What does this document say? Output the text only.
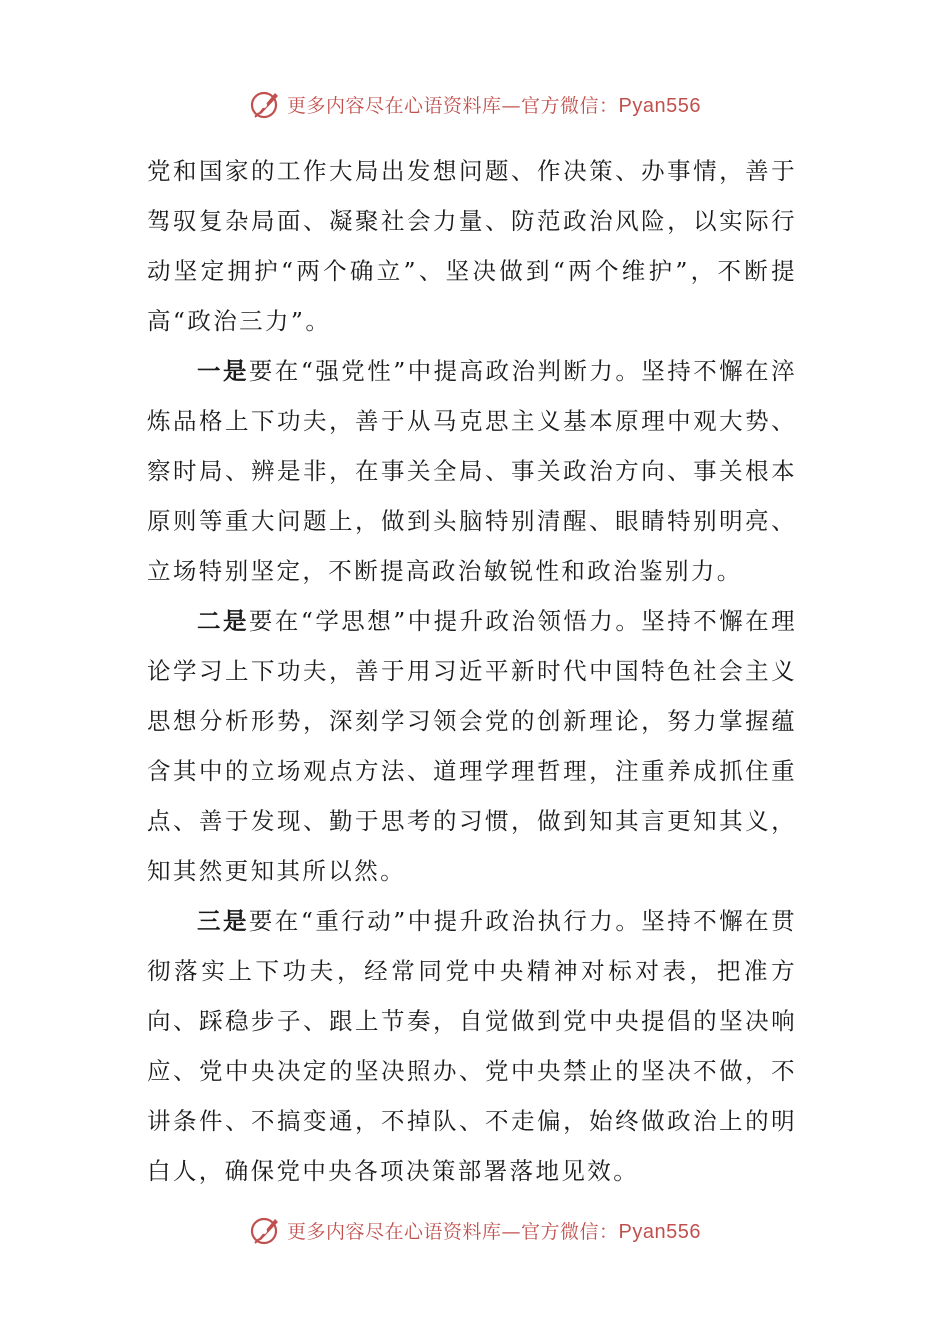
更多内容尽在心语资料库—官方微信：Pyan556

党和国家的工作大局出发想问题、作决策、办事情，善于驾驭复杂局面、凝聚社会力量、防范政治风险，以实际行动坚定拥护“两个确立”、坚决做到“两个维护”，不断提高“政治三力”。

一是要在“强党性”中提高政治判断力。坚持不懈在淬炼品格上下功夫，善于从马克思主义基本原理中观大势、察时局、辨是非，在事关全局、事关政治方向、事关根本原则等重大问题上，做到头脑特别清醒、眼睛特别明亮、立场特别坚定，不断提高政治敏锐性和政治鉴别力。

二是要在“学思想”中提升政治领悟力。坚持不懈在理论学习上下功夫，善于用习近平新时代中国特色社会主义思想分析形势，深刻学习领会党的创新理论，努力掌握蕴含其中的立场观点方法、道理学理哲理，注重养成抓住重点、善于发现、勤于思考的习惯，做到知其言更知其义，知其然更知其所以然。

三是要在“重行动”中提升政治执行力。坚持不懈在贯彻落实上下功夫，经常同党中央精神对标对表，把准方向、踩稳步子、跟上节奏，自觉做到党中央提倡的坚决响应、党中央决定的坚决照办、党中央禁止的坚决不做，不讲条件、不搞变通，不掉队、不走偏，始终做政治上的明白人，确保党中央各项决策部署落地见效。

更多内容尽在心语资料库—官方微信：Pyan556
